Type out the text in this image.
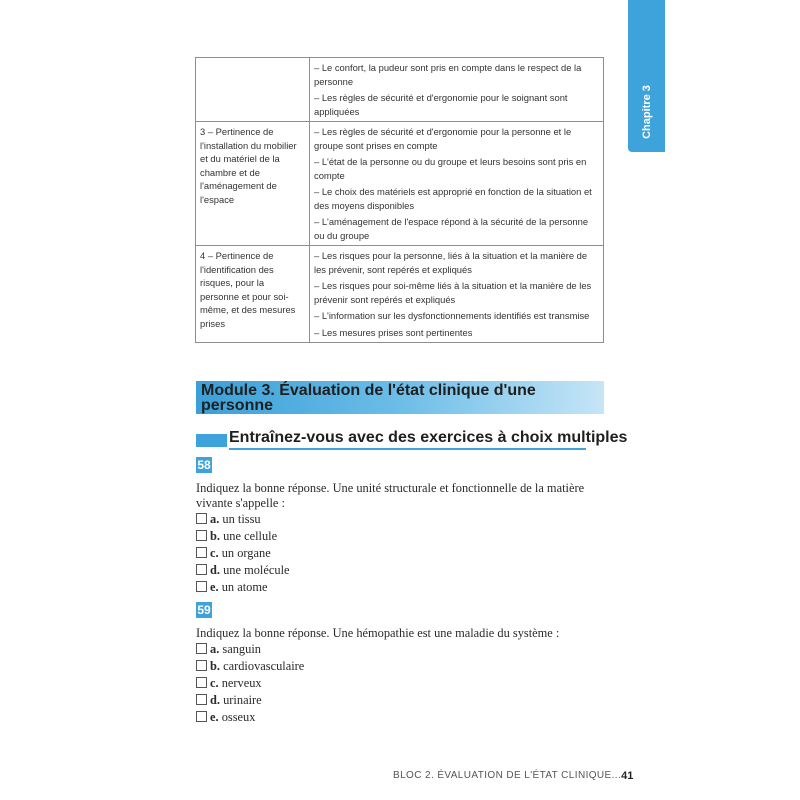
Chapitre 3

	– Le confort, la pudeur sont pris en compte dans le respect de la personne
– Les règles de sécurité et d'ergonomie pour le soignant sont appliquées

3 – Pertinence de l'installation du mobilier et du matériel de la chambre et de l'aménagement de l'espace	– Les règles de sécurité et d'ergonomie pour la personne et le groupe sont prises en compte
– L'état de la personne ou du groupe et leurs besoins sont pris en compte
– Le choix des matériels est approprié en fonction de la situation et des moyens disponibles
– L'aménagement de l'espace répond à la sécurité de la personne ou du groupe

4 – Pertinence de l'identification des risques, pour la personne et pour soi-même, et des mesures prises	– Les risques pour la personne, liés à la situation et la manière de les prévenir, sont repérés et expliqués
– Les risques pour soi-même liés à la situation et la manière de les prévenir sont repérés et expliqués
– L'information sur les dysfonctionnements identifiés est transmise
– Les mesures prises sont pertinentes
Module 3. Évaluation de l'état clinique d'une personne
Entraînez-vous avec des exercices à choix multiples
58
Indiquez la bonne réponse. Une unité structurale et fonctionnelle de la matière vivante s'appelle :
a. un tissu
b. une cellule
c. un organe
d. une molécule
e. un atome
59
Indiquez la bonne réponse. Une hémopathie est une maladie du système :
a. sanguin
b. cardiovasculaire
c. nerveux
d. urinaire
e. osseux
BLOC 2. ÉVALUATION DE L'ÉTAT CLINIQUE... 41
